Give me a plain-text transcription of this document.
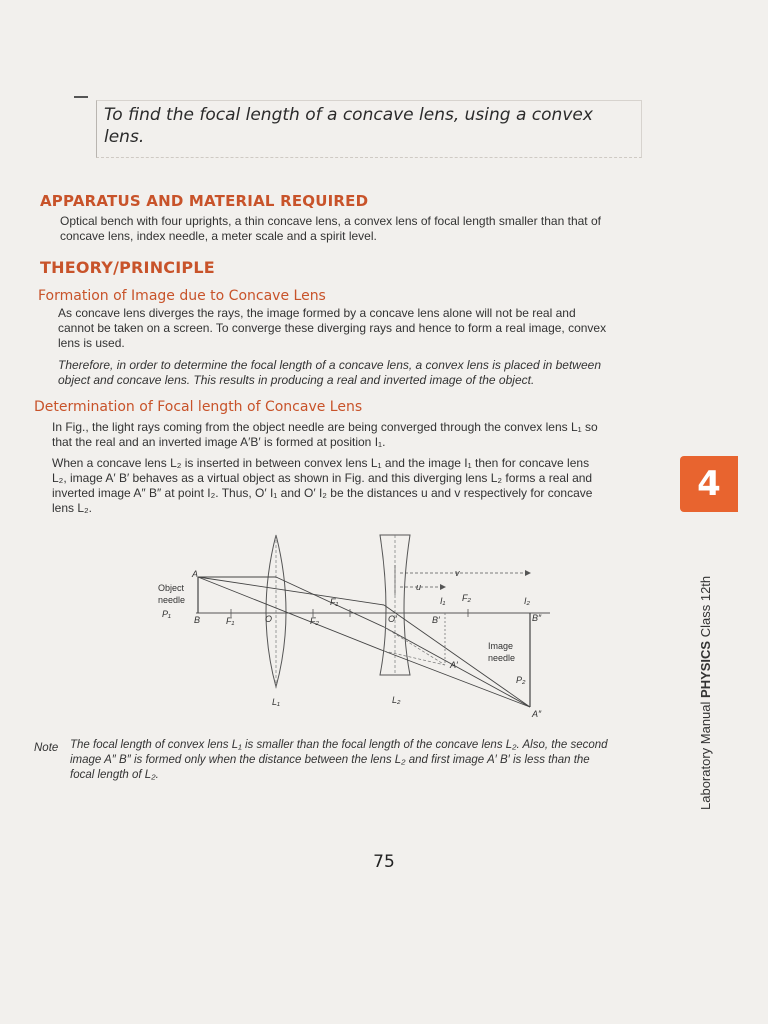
To find the focal length of a concave lens, using a convex
lens.
APPARATUS AND MATERIAL REQUIRED
Optical bench with four uprights, a thin concave lens, a convex lens of focal length smaller than that of
concave lens, index needle, a meter scale and a spirit level.
THEORY/PRINCIPLE
Formation of Image due to Concave Lens
As concave lens diverges the rays, the image formed by a concave lens alone will not be real and
cannot be taken on a screen. To converge these diverging rays and hence to form a real image, convex
lens is used.
Therefore, in order to determine the focal length of a concave lens, a convex lens is placed in between
object and concave lens. This results in producing a real and inverted image of the object.
Determination of Focal length of Concave Lens
In Fig., the light rays coming from the object needle are being converged through the convex lens L₁ so
that the real and an inverted image A′B′ is formed at position I₁.
When a concave lens L₂ is inserted in between convex lens L₁ and the image I₁ then for concave lens
L₂, image A′ B′ behaves as a virtual object as shown in Fig. and this diverging lens L₂ forms a real and
inverted image A″ B″ at point I₂. Thus, O′ I₁ and O′ I₂ be the distances u and v respectively for concave
lens L₂.
4
Laboratory Manual PHYSICS Class 12th
A
Object
needle
P₁
B	F₁	O	F₂
F₁
O′
v
u
I₁ F₂	I₂
B′	B″
Image
needle
A′
P₂
A″
L₁	L₂
Note The focal length of convex lens L₁ is smaller than the focal length of the concave lens L₂. Also, the second
image A″ B″ is formed only when the distance between the lens L₂ and first image A′ B′ is less than the
focal length of L₂.
75
